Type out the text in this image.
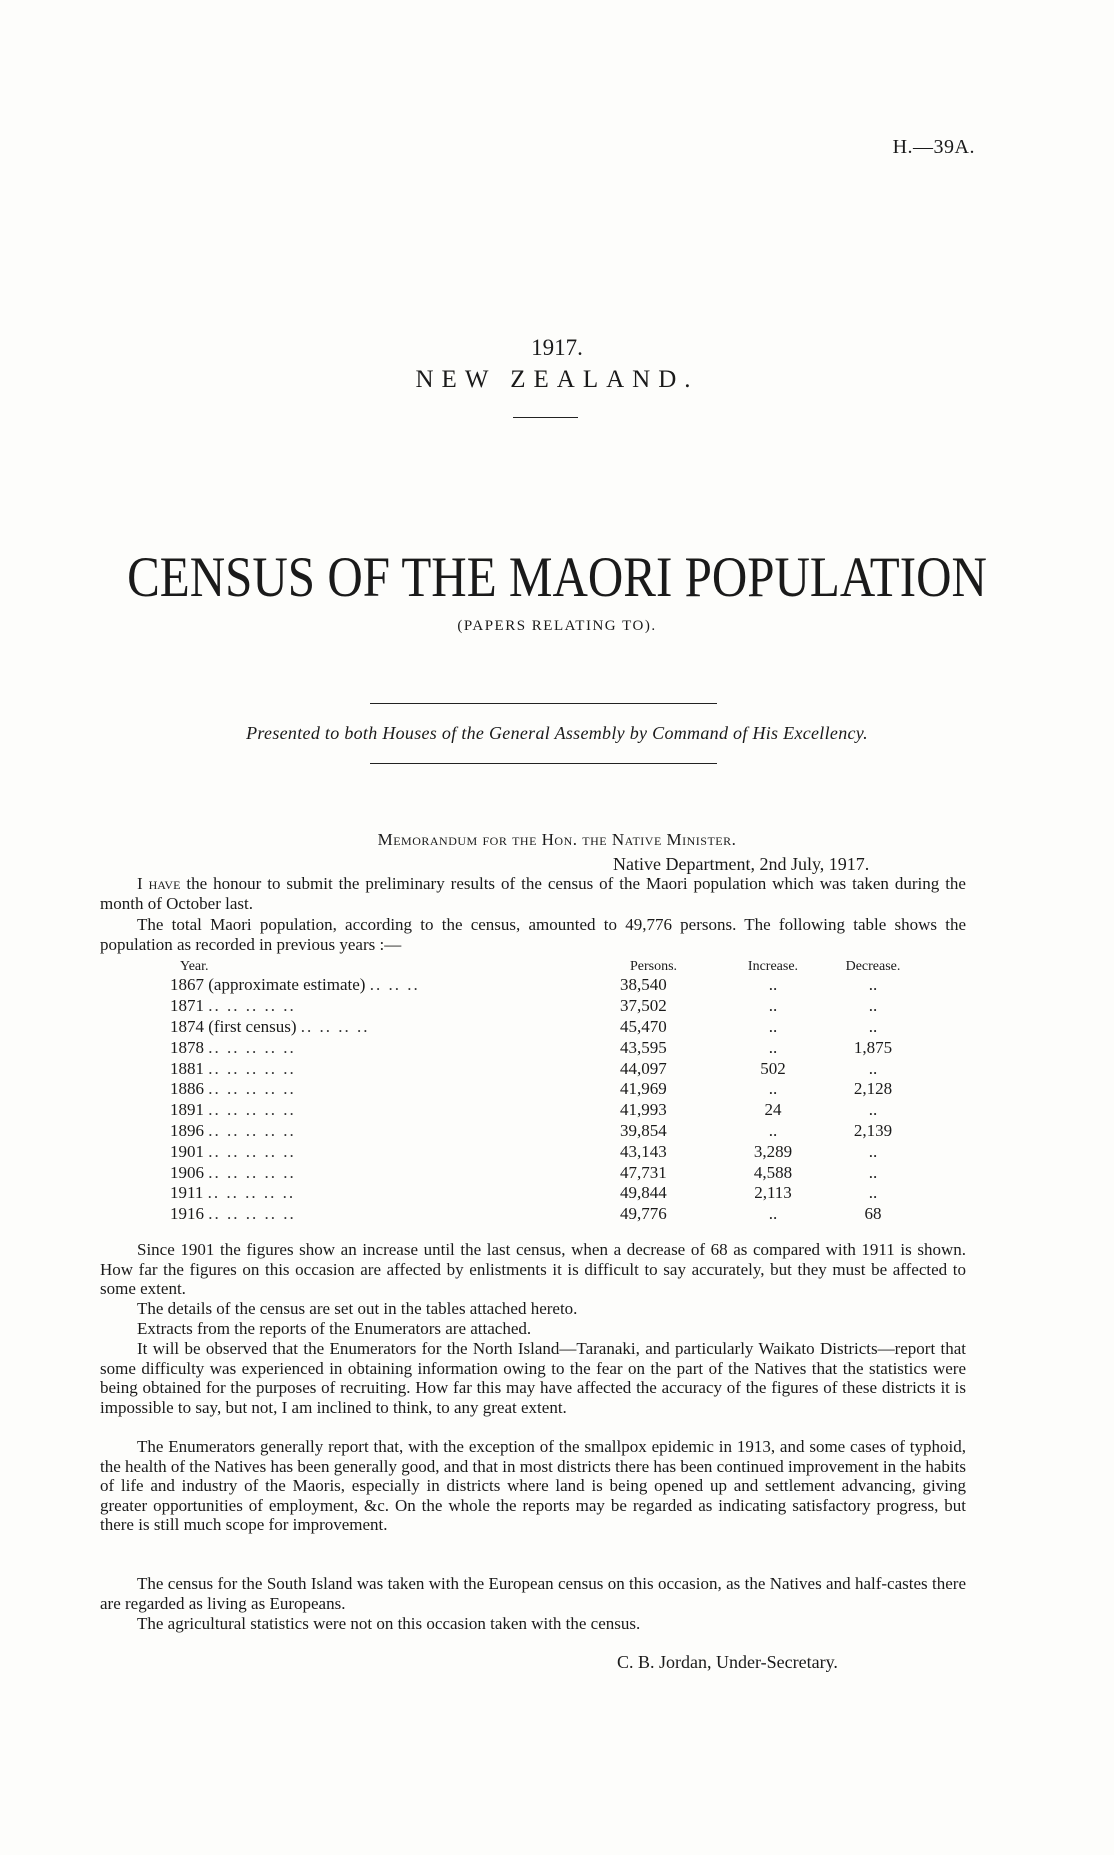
H.—39A.
1917.
NEW ZEALAND.
CENSUS OF THE MAORI POPULATION
(PAPERS RELATING TO).
Presented to both Houses of the General Assembly by Command of His Excellency.
Memorandum for the Hon. the Native Minister.
Native Department, 2nd July, 1917.
I have the honour to submit the preliminary results of the census of the Maori population which was taken during the month of October last.
The total Maori population, according to the census, amounted to 49,776 persons. The following table shows the population as recorded in previous years :—
Year.	Persons.	Increase.	Decrease.
1867 (approximate estimate) .. .. ..	38,540	..	..
1871 .. .. .. .. ..	37,502	..	..
1874 (first census) .. .. .. ..	45,470	..	..
1878 .. .. .. .. ..	43,595	..	1,875
1881 .. .. .. .. ..	44,097	502	..
1886 .. .. .. .. ..	41,969	..	2,128
1891 .. .. .. .. ..	41,993	24	..
1896 .. .. .. .. ..	39,854	..	2,139
1901 .. .. .. .. ..	43,143	3,289	..
1906 .. .. .. .. ..	47,731	4,588	..
1911 .. .. .. .. ..	49,844	2,113	..
1916 .. .. .. .. ..	49,776	..	68
Since 1901 the figures show an increase until the last census, when a decrease of 68 as compared with 1911 is shown. How far the figures on this occasion are affected by enlistments it is difficult to say accurately, but they must be affected to some extent.
The details of the census are set out in the tables attached hereto.
Extracts from the reports of the Enumerators are attached.
It will be observed that the Enumerators for the North Island—Taranaki, and particularly Waikato Districts—report that some difficulty was experienced in obtaining information owing to the fear on the part of the Natives that the statistics were being obtained for the purposes of recruiting. How far this may have affected the accuracy of the figures of these districts it is impossible to say, but not, I am inclined to think, to any great extent.
The Enumerators generally report that, with the exception of the smallpox epidemic in 1913, and some cases of typhoid, the health of the Natives has been generally good, and that in most districts there has been continued improvement in the habits of life and industry of the Maoris, especially in districts where land is being opened up and settlement advancing, giving greater opportunities of employment, &c. On the whole the reports may be regarded as indicating satisfactory progress, but there is still much scope for improvement.
The census for the South Island was taken with the European census on this occasion, as the Natives and half-castes there are regarded as living as Europeans.
The agricultural statistics were not on this occasion taken with the census.
C. B. Jordan, Under-Secretary.
